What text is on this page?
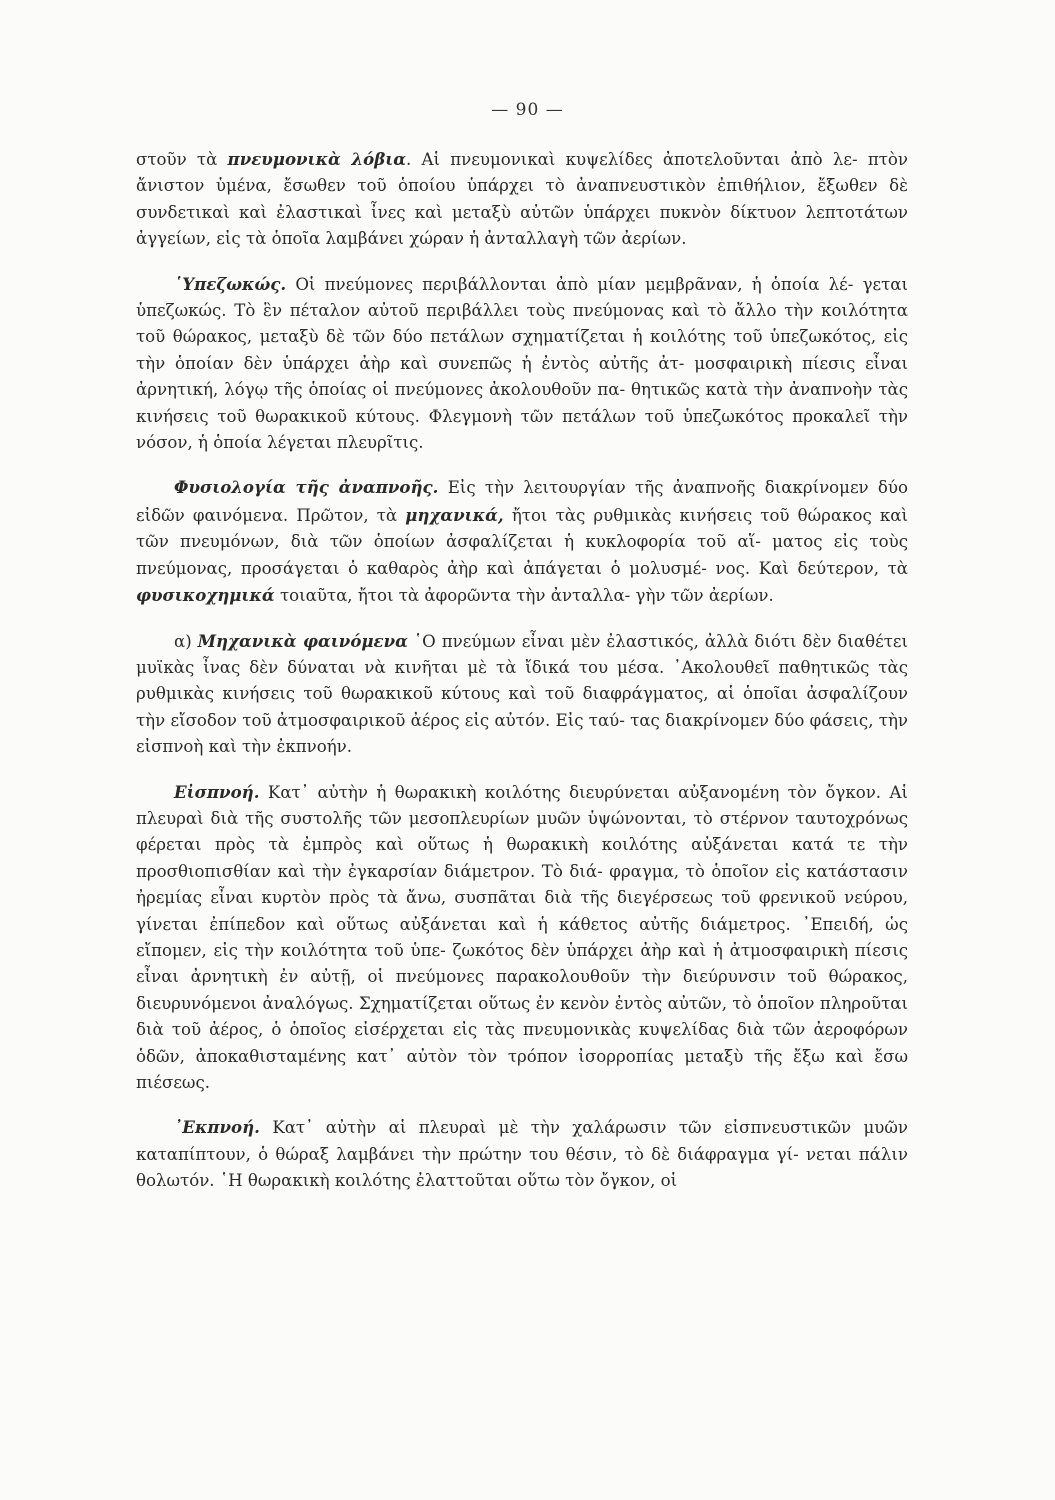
— 90 —

στοῦν τὰ πνευμονικὰ λόβια. Αἱ πνευμονικαὶ κυψελίδες ἀποτελοῦνται ἀπὸ λε- πτὸν ἄνιστον ὑμένα, ἔσωθεν τοῦ ὁποίου ὑπάρχει τὸ ἀναπνευστικὸν ἐπιθήλιον, ἔξωθεν δὲ συνδετικαὶ καὶ ἐλαστικαὶ ἶνες καὶ μεταξὺ αὐτῶν ὑπάρχει πυκνὸν δίκτυον λεπτοτάτων ἀγγείων, εἰς τὰ ὁποῖα λαμβάνει χώραν ἡ ἀνταλλαγὴ τῶν ἀερίων.

῾Υπεζωκώς. Οἱ πνεύμονες περιβάλλονται ἀπὸ μίαν μεμβρᾶναν, ἡ ὁποία λέ- γεται ὑπεζωκώς. Τὸ ἓν πέταλον αὐτοῦ περιβάλλει τοὺς πνεύμονας καὶ τὸ ἄλλο τὴν κοιλότητα τοῦ θώρακος, μεταξὺ δὲ τῶν δύο πετάλων σχηματίζεται ἡ κοιλότης τοῦ ὑπεζωκότος, εἰς τὴν ὁποίαν δὲν ὑπάρχει ἀὴρ καὶ συνεπῶς ἡ ἐντὸς αὐτῆς ἀτ- μοσφαιρικὴ πίεσις εἶναι ἀρνητική, λόγῳ τῆς ὁποίας οἱ πνεύμονες ἀκολουθοῦν πα- θητικῶς κατὰ τὴν ἀναπνοὴν τὰς κινήσεις τοῦ θωρακικοῦ κύτους. Φλεγμονὴ τῶν πετάλων τοῦ ὑπεζωκότος προκαλεῖ τὴν νόσον, ἡ ὁποία λέγεται πλευρῖτις.

Φυσιολογία τῆς ἀναπνοῆς. Εἰς τὴν λειτουργίαν τῆς ἀναπνοῆς διακρίνομεν δύο εἰδῶν φαινόμενα. Πρῶτον, τὰ μηχανικά, ἤτοι τὰς ρυθμικὰς κινήσεις τοῦ θώρακος καὶ τῶν πνευμόνων, διὰ τῶν ὁποίων ἀσφαλίζεται ἡ κυκλοφορία τοῦ αἵ- ματος εἰς τοὺς πνεύμονας, προσάγεται ὁ καθαρὸς ἀὴρ καὶ ἀπάγεται ὁ μολυσμέ- νος. Καὶ δεύτερον, τὰ φυσικοχημικά τοιαῦτα, ἤτοι τὰ ἀφορῶντα τὴν ἀνταλλα- γὴν τῶν ἀερίων.

α) Μηχανικὰ φαινόμενα ῾Ο πνεύμων εἶναι μὲν ἐλαστικός, ἀλλὰ διότι δὲν διαθέτει μυϊκὰς ἶνας δὲν δύναται νὰ κινῆται μὲ τὰ ἴδικά του μέσα. ᾿Ακολουθεῖ παθητικῶς τὰς ρυθμικὰς κινήσεις τοῦ θωρακικοῦ κύτους καὶ τοῦ διαφράγματος, αἱ ὁποῖαι ἀσφαλίζουν τὴν εἴσοδον τοῦ ἀτμοσφαιρικοῦ ἀέρος εἰς αὐτόν. Εἰς ταύ- τας διακρίνομεν δύο φάσεις, τὴν εἰσπνοὴ καὶ τὴν ἐκπνοήν.

Εἰσπνοή. Κατ᾿ αὐτὴν ἡ θωρακικὴ κοιλότης διευρύνεται αὐξανομένη τὸν ὄγκον. Αἱ πλευραὶ διὰ τῆς συστολῆς τῶν μεσοπλευρίων μυῶν ὑψώνονται, τὸ στέρνον ταυτοχρόνως φέρεται πρὸς τὰ ἐμπρὸς καὶ οὕτως ἡ θωρακικὴ κοιλότης αὐξάνεται κατά τε τὴν προσθιοπισθίαν καὶ τὴν ἐγκαρσίαν διάμετρον. Τὸ διά- φραγμα, τὸ ὁποῖον εἰς κατάστασιν ἠρεμίας εἶναι κυρτὸν πρὸς τὰ ἄνω, συσπᾶται διὰ τῆς διεγέρσεως τοῦ φρενικοῦ νεύρου, γίνεται ἐπίπεδον καὶ οὕτως αὐξάνεται καὶ ἡ κάθετος αὐτῆς διάμετρος. ᾿Επειδή, ὡς εἴπομεν, εἰς τὴν κοιλότητα τοῦ ὑπε- ζωκότος δὲν ὑπάρχει ἀὴρ καὶ ἡ ἀτμοσφαιρικὴ πίεσις εἶναι ἀρνητικὴ ἐν αὐτῇ, οἱ πνεύμονες παρακολουθοῦν τὴν διεύρυνσιν τοῦ θώρακος, διευρυνόμενοι ἀναλόγως. Σχηματίζεται οὕτως ἐν κενὸν ἐντὸς αὐτῶν, τὸ ὁποῖον πληροῦται διὰ τοῦ ἀέρος, ὁ ὁποῖος εἰσέρχεται εἰς τὰς πνευμονικὰς κυψελίδας διὰ τῶν ἀεροφόρων ὁδῶν, ἀποκαθισταμένης κατ᾿ αὐτὸν τὸν τρόπον ἰσορροπίας μεταξὺ τῆς ἔξω καὶ ἔσω πιέσεως.

᾿Εκπνοή. Κατ᾿ αὐτὴν αἱ πλευραὶ μὲ τὴν χαλάρωσιν τῶν εἰσπνευστικῶν μυῶν καταπίπτουν, ὁ θώραξ λαμβάνει τὴν πρώτην του θέσιν, τὸ δὲ διάφραγμα γί- νεται πάλιν θολωτόν. ῾Η θωρακικὴ κοιλότης ἐλαττοῦται οὕτω τὸν ὄγκον, οἱ
